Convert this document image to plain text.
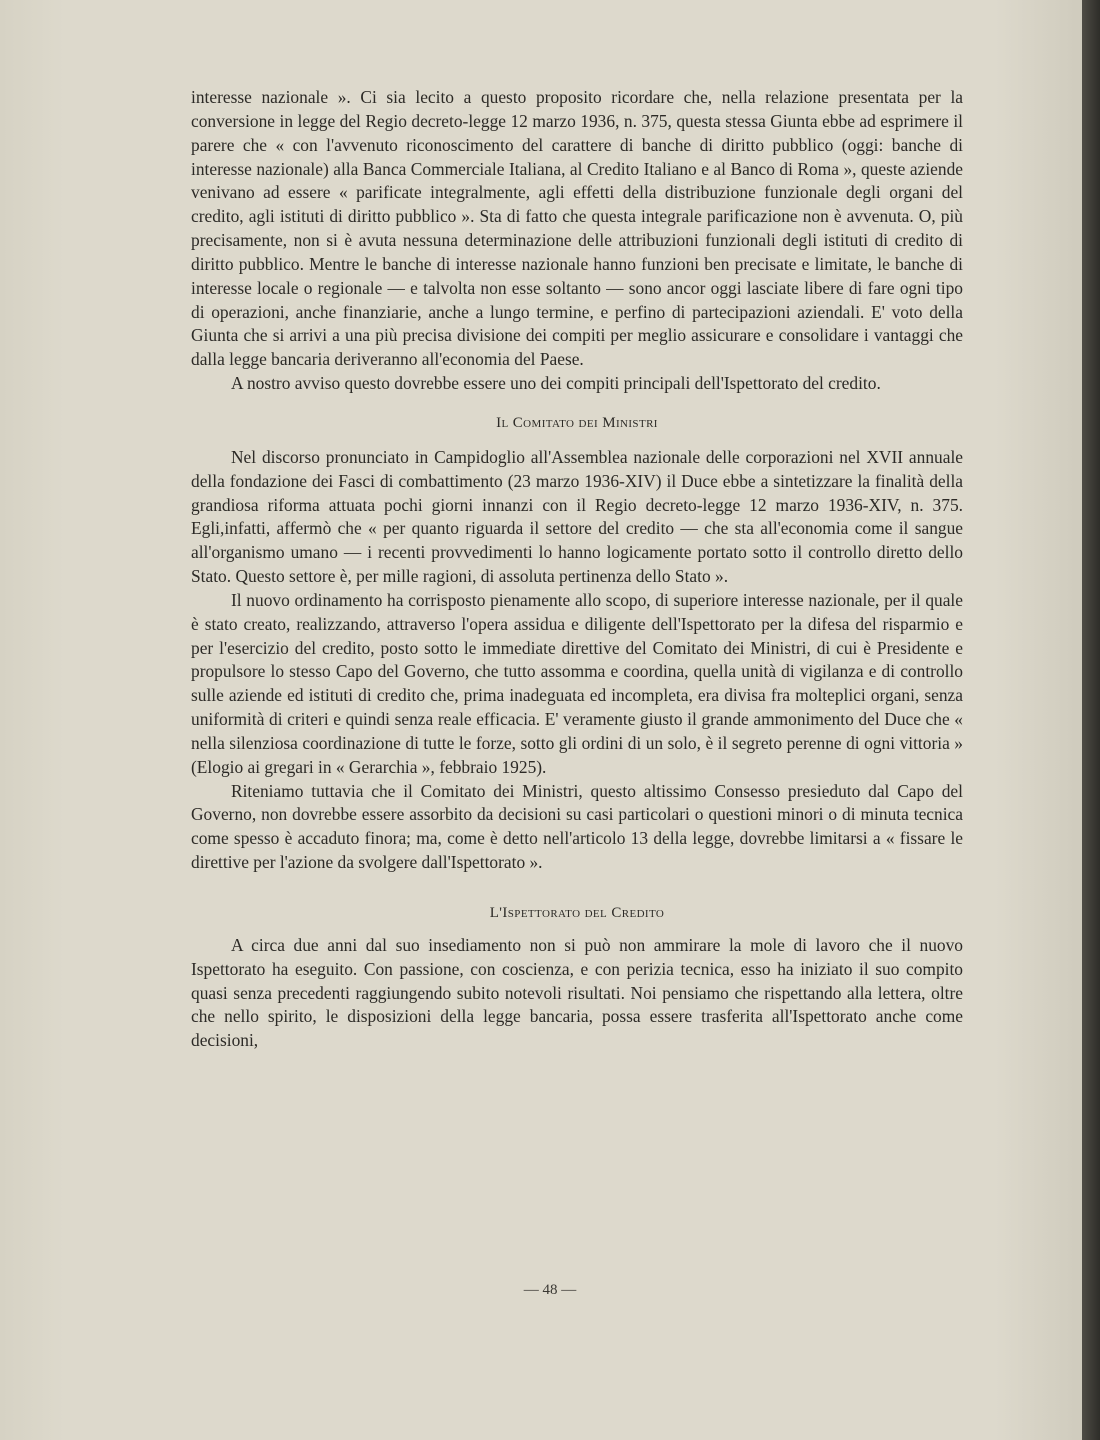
interesse nazionale ». Ci sia lecito a questo proposito ricordare che, nella relazione presentata per la conversione in legge del Regio decreto-legge 12 marzo 1936, n. 375, questa stessa Giunta ebbe ad esprimere il parere che « con l'avvenuto riconoscimento del carattere di banche di diritto pubblico (oggi: banche di interesse nazionale) alla Banca Commerciale Italiana, al Credito Italiano e al Banco di Roma », queste aziende venivano ad essere « parificate integralmente, agli effetti della distribuzione funzionale degli organi del credito, agli istituti di diritto pubblico ». Sta di fatto che questa integrale parificazione non è avvenuta. O, più precisamente, non si è avuta nessuna determinazione delle attribuzioni funzionali degli istituti di credito di diritto pubblico. Mentre le banche di interesse nazionale hanno funzioni ben precisate e limitate, le banche di interesse locale o regionale — e talvolta non esse soltanto — sono ancor oggi lasciate libere di fare ogni tipo di operazioni, anche finanziarie, anche a lungo termine, e perfino di partecipazioni aziendali. E' voto della Giunta che si arrivi a una più precisa divisione dei compiti per meglio assicurare e consolidare i vantaggi che dalla legge bancaria deriveranno all'economia del Paese.

A nostro avviso questo dovrebbe essere uno dei compiti principali dell'Ispettorato del credito.

Il Comitato dei Ministri

Nel discorso pronunciato in Campidoglio all'Assemblea nazionale delle corporazioni nel XVII annuale della fondazione dei Fasci di combattimento (23 marzo 1936-XIV) il Duce ebbe a sintetizzare la finalità della grandiosa riforma attuata pochi giorni innanzi con il Regio decreto-legge 12 marzo 1936-XIV, n. 375. Egli,infatti, affermò che « per quanto riguarda il settore del credito — che sta all'economia come il sangue all'organismo umano — i recenti provvedimenti lo hanno logicamente portato sotto il controllo diretto dello Stato. Questo settore è, per mille ragioni, di assoluta pertinenza dello Stato ».

Il nuovo ordinamento ha corrisposto pienamente allo scopo, di superiore interesse nazionale, per il quale è stato creato, realizzando, attraverso l'opera assidua e diligente dell'Ispettorato per la difesa del risparmio e per l'esercizio del credito, posto sotto le immediate direttive del Comitato dei Ministri, di cui è Presidente e propulsore lo stesso Capo del Governo, che tutto assomma e coordina, quella unità di vigilanza e di controllo sulle aziende ed istituti di credito che, prima inadeguata ed incompleta, era divisa fra molteplici organi, senza uniformità di criteri e quindi senza reale efficacia. E' veramente giusto il grande ammonimento del Duce che « nella silenziosa coordinazione di tutte le forze, sotto gli ordini di un solo, è il segreto perenne di ogni vittoria » (Elogio ai gregari in « Gerarchia », febbraio 1925).

Riteniamo tuttavia che il Comitato dei Ministri, questo altissimo Consesso presieduto dal Capo del Governo, non dovrebbe essere assorbito da decisioni su casi particolari o questioni minori o di minuta tecnica come spesso è accaduto finora; ma, come è detto nell'articolo 13 della legge, dovrebbe limitarsi a « fissare le direttive per l'azione da svolgere dall'Ispettorato ».

L'Ispettorato del Credito

A circa due anni dal suo insediamento non si può non ammirare la mole di lavoro che il nuovo Ispettorato ha eseguito. Con passione, con coscienza, e con perizia tecnica, esso ha iniziato il suo compito quasi senza precedenti raggiungendo subito notevoli risultati. Noi pensiamo che rispettando alla lettera, oltre che nello spirito, le disposizioni della legge bancaria, possa essere trasferita all'Ispettorato anche come decisioni,

— 48 —
